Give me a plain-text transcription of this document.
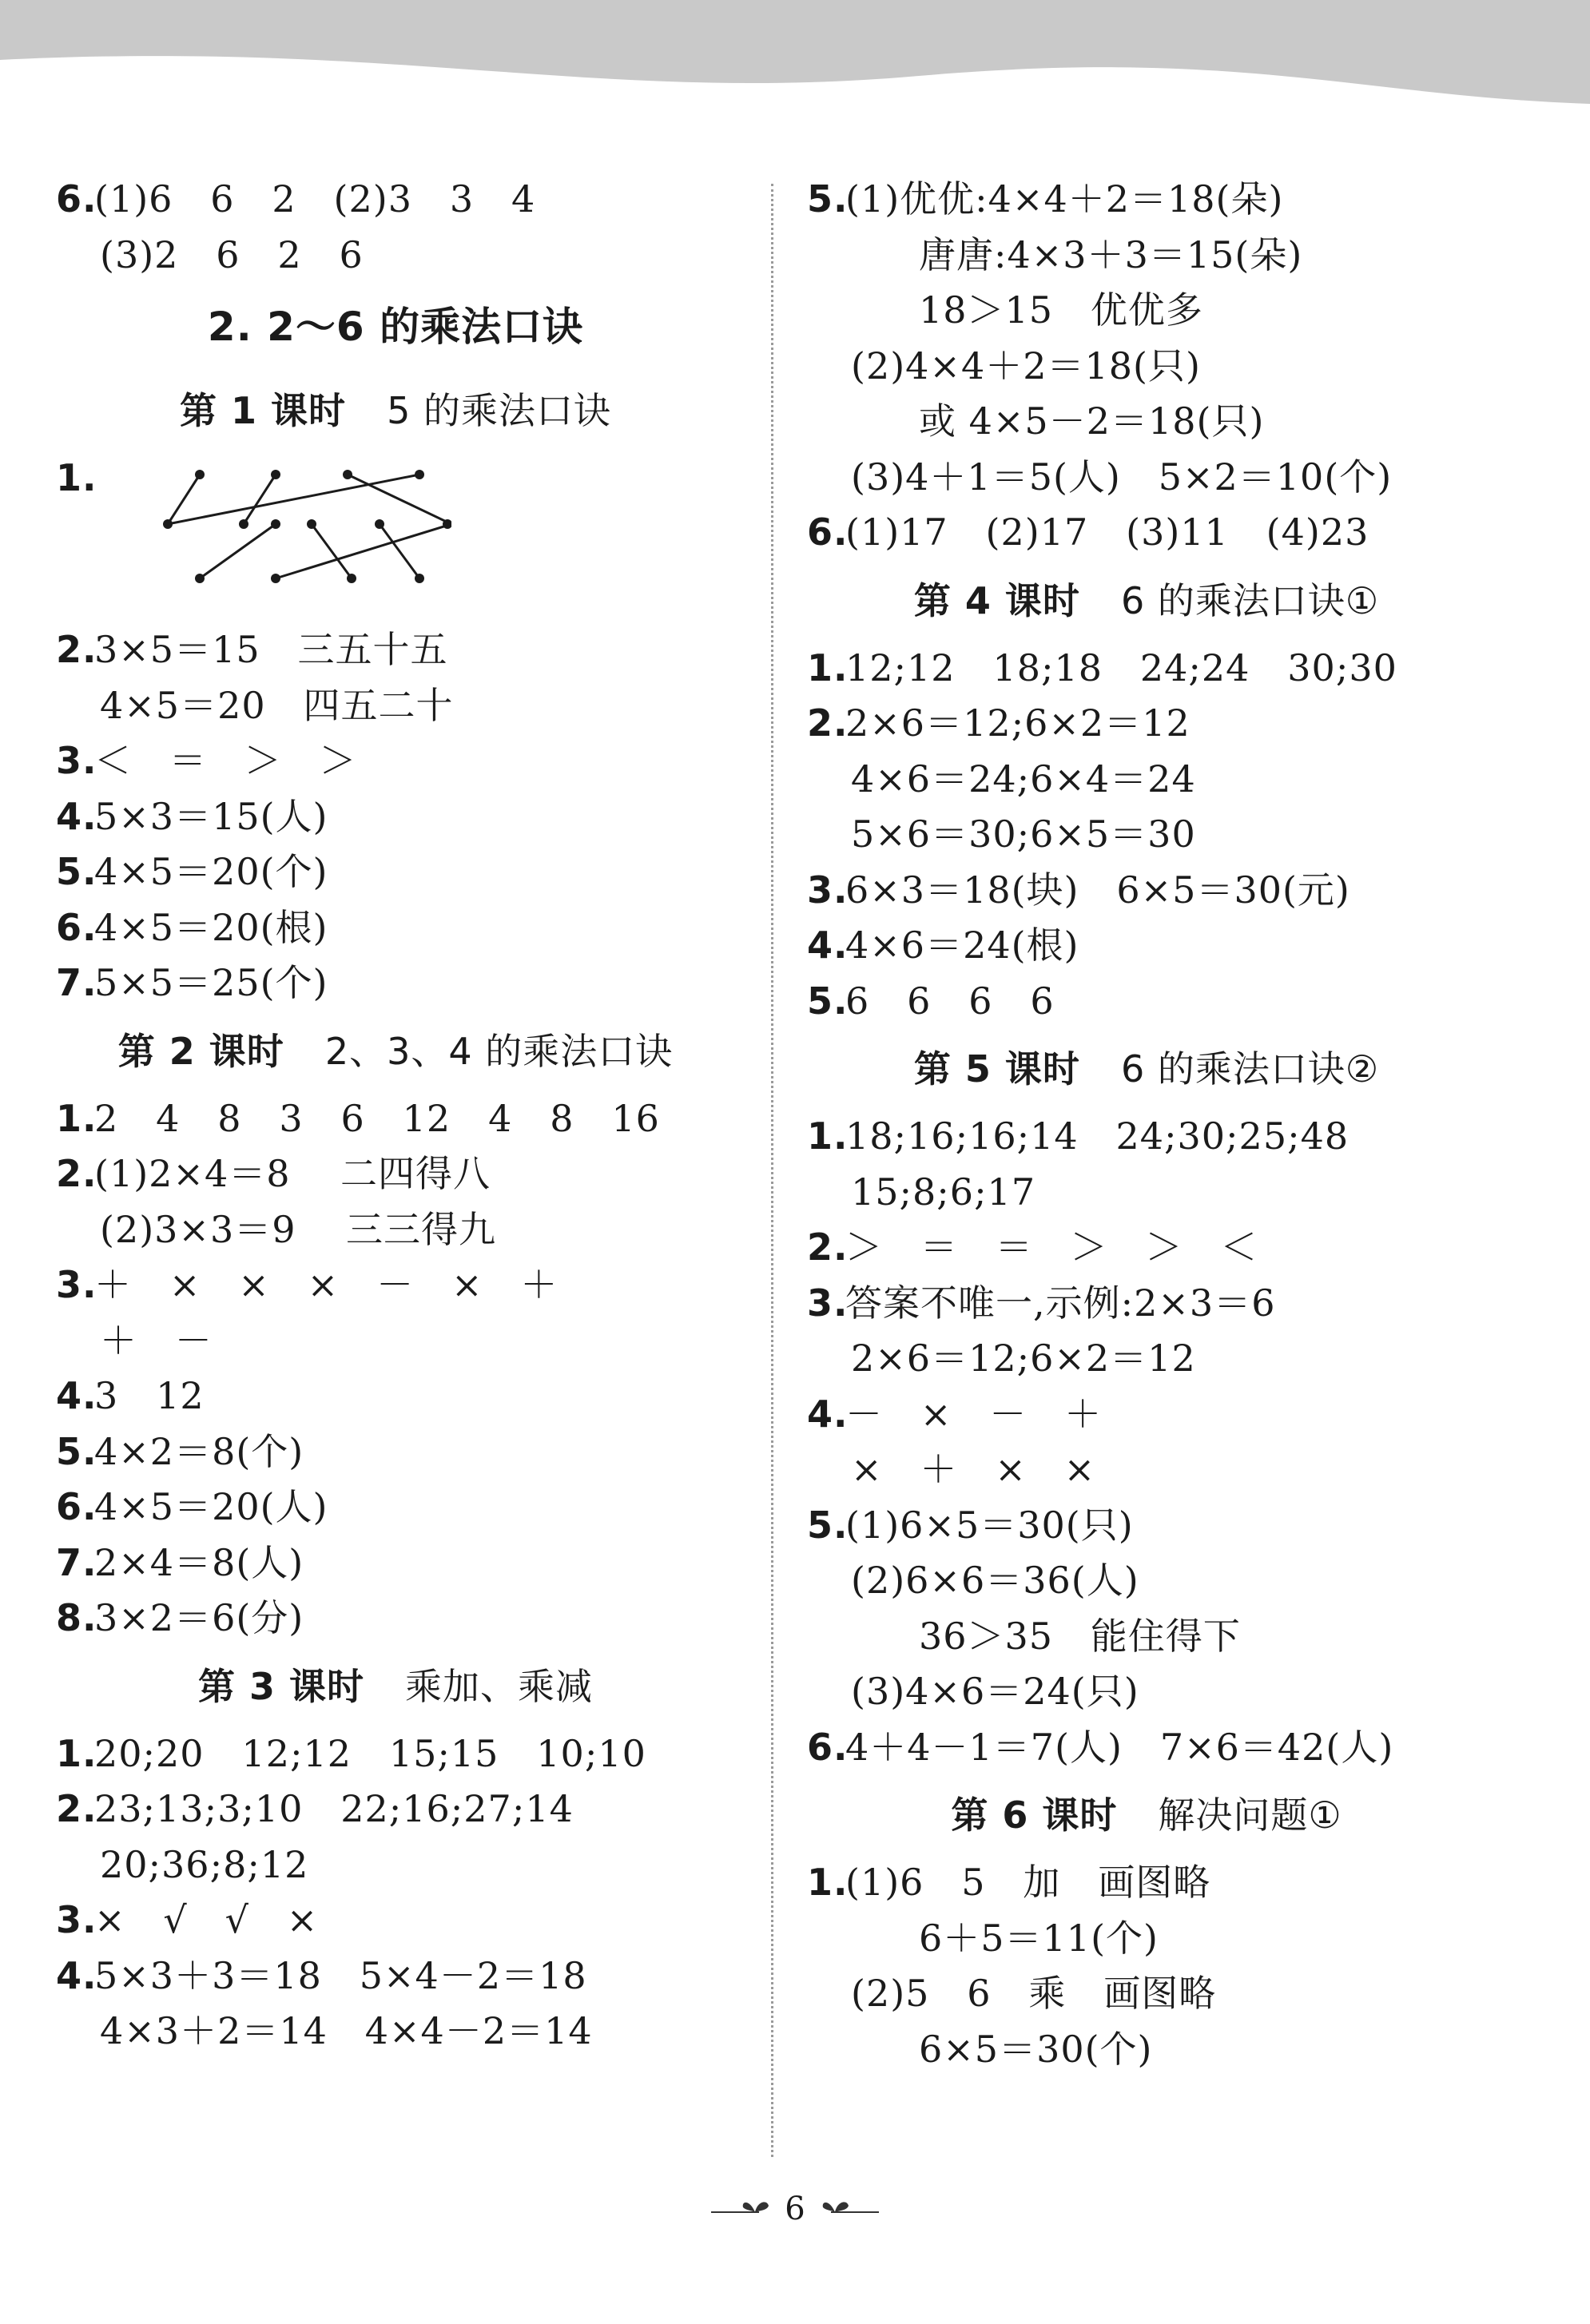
6.(1)6   6   2   (2)3   3   4
(3)2   6   2   6
2. 2～6 的乘法口诀
第 1 课时 5 的乘法口诀
1.
2.3×5＝15   三五十五
4×5＝20   四五二十
3.＜   ＝   ＞   ＞
4.5×3＝15(人)
5.4×5＝20(个)
6.4×5＝20(根)
7.5×5＝25(个)
第 2 课时 2、3、4 的乘法口诀
1.2   4   8   3   6   12   4   8   16
2.(1)2×4＝8    二四得八
(2)3×3＝9    三三得九
3.＋   ×   ×   ×   －   ×   ＋
＋   －
4.3   12
5.4×2＝8(个)
6.4×5＝20(人)
7.2×4＝8(人)
8.3×2＝6(分)
第 3 课时 乘加、乘减
1.20;20   12;12   15;15   10;10
2.23;13;3;10   22;16;27;14
20;36;8;12
3.×   √   √   ×
4.5×3＋3＝18   5×4－2＝18
4×3＋2＝14   4×4－2＝14
5.(1)优优:4×4＋2＝18(朵)
唐唐:4×3＋3＝15(朵)
18＞15   优优多
(2)4×4＋2＝18(只)
或 4×5－2＝18(只)
(3)4＋1＝5(人)   5×2＝10(个)
6.(1)17   (2)17   (3)11   (4)23
第 4 课时 6 的乘法口诀①
1.12;12   18;18   24;24   30;30
2.2×6＝12;6×2＝12
4×6＝24;6×4＝24
5×6＝30;6×5＝30
3.6×3＝18(块)   6×5＝30(元)
4.4×6＝24(根)
5.6   6   6   6
第 5 课时 6 的乘法口诀②
1.18;16;16;14   24;30;25;48
15;8;6;17
2.＞   ＝   ＝   ＞   ＞   ＜
3.答案不唯一,示例:2×3＝6
2×6＝12;6×2＝12
4.－   ×   －   ＋
×   ＋   ×   ×
5.(1)6×5＝30(只)
(2)6×6＝36(人)
36＞35   能住得下
(3)4×6＝24(只)
6.4＋4－1＝7(人)   7×6＝42(人)
第 6 课时 解决问题①
1.(1)6   5   加   画图略
6＋5＝11(个)
(2)5   6   乘   画图略
6×5＝30(个)
6
